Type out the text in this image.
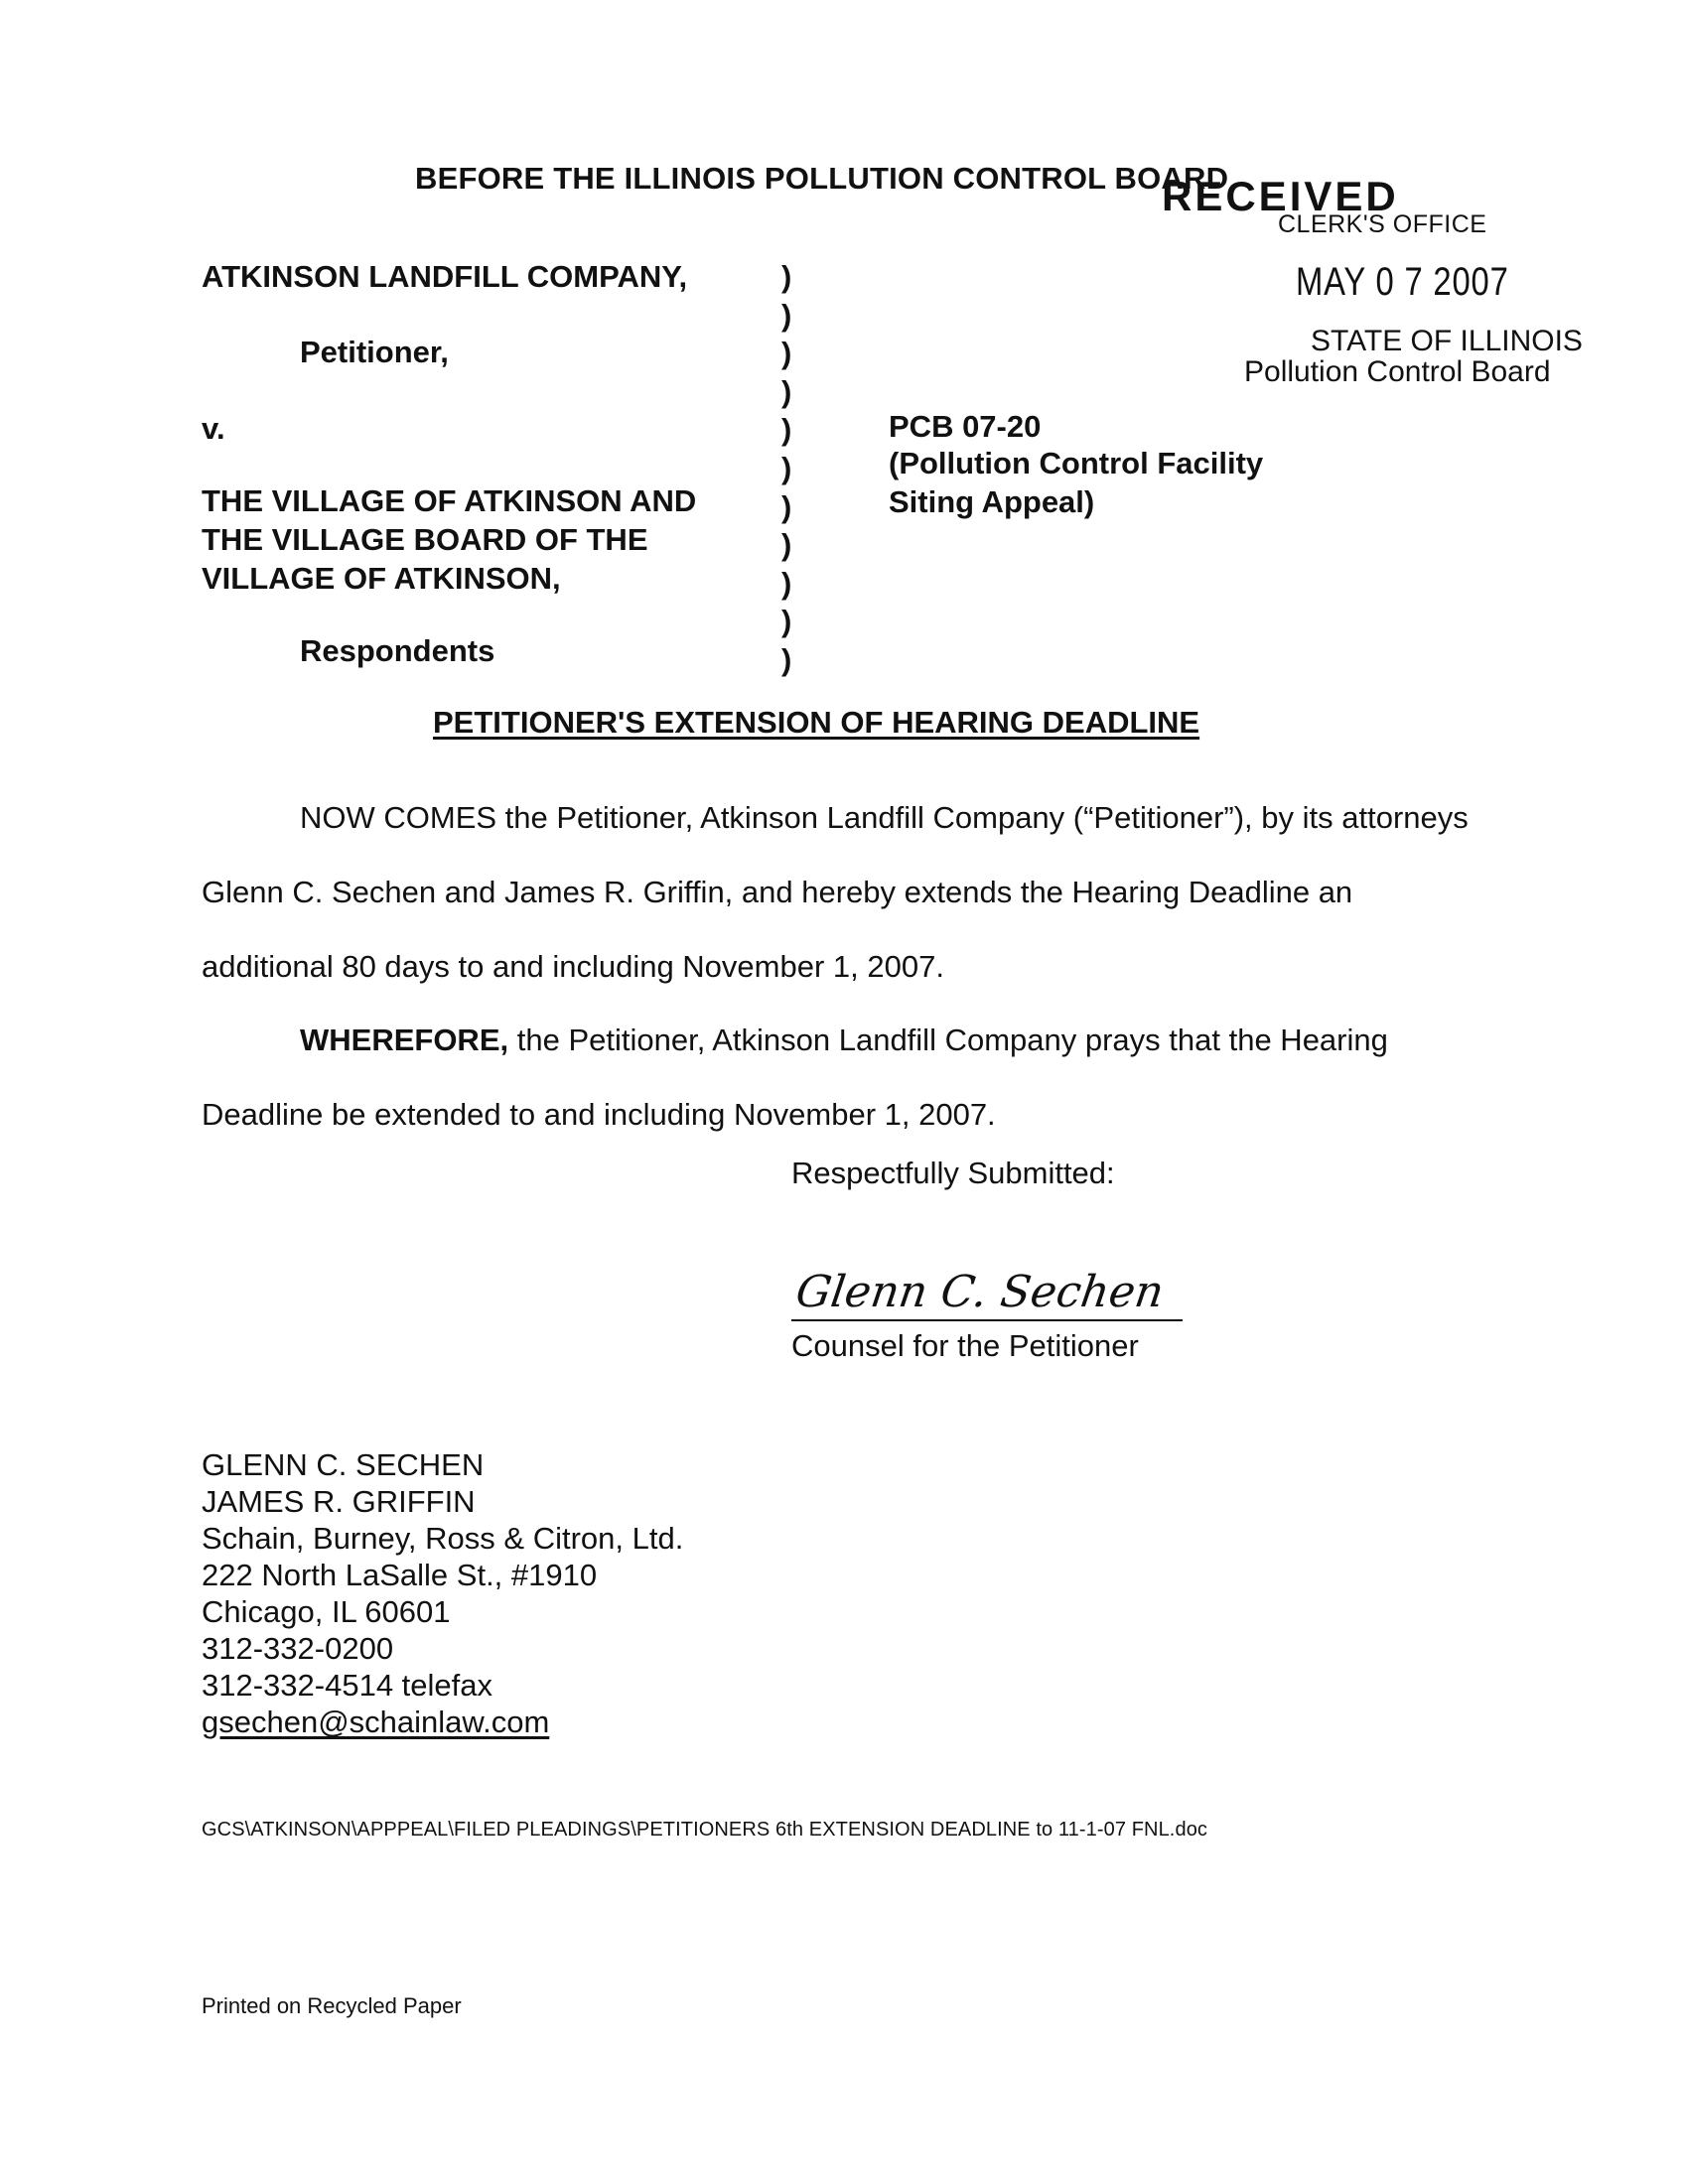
BEFORE THE ILLINOIS POLLUTION CONTROL BOARD
RECEIVED
CLERK'S OFFICE
MAY 0 7 2007
STATE OF ILLINOIS
Pollution Control Board
ATKINSON LANDFILL COMPANY,
Petitioner,
v.
THE VILLAGE OF ATKINSON AND
THE VILLAGE BOARD OF THE
VILLAGE OF ATKINSON,
Respondents
)
)
)
)
)
)
)
)
)
)
)
PCB 07-20
(Pollution Control Facility
Siting Appeal)
PETITIONER'S EXTENSION OF HEARING DEADLINE
NOW COMES the Petitioner, Atkinson Landfill Company (“Petitioner”), by its attorneys Glenn C. Sechen and James R. Griffin, and hereby extends the Hearing Deadline an additional 80 days to and including November 1, 2007.
WHEREFORE, the Petitioner, Atkinson Landfill Company prays that the Hearing Deadline be extended to and including November 1, 2007.
Respectfully Submitted:
Glenn C. Sechen
Counsel for the Petitioner
GLENN C. SECHEN
JAMES R. GRIFFIN
Schain, Burney, Ross & Citron, Ltd.
222 North LaSalle St., #1910
Chicago, IL 60601
312-332-0200
312-332-4514 telefax
gsechen@schainlaw.com
GCS\ATKINSON\APPPEAL\FILED PLEADINGS\PETITIONERS 6th EXTENSION DEADLINE to 11-1-07 FNL.doc
Printed on Recycled Paper
